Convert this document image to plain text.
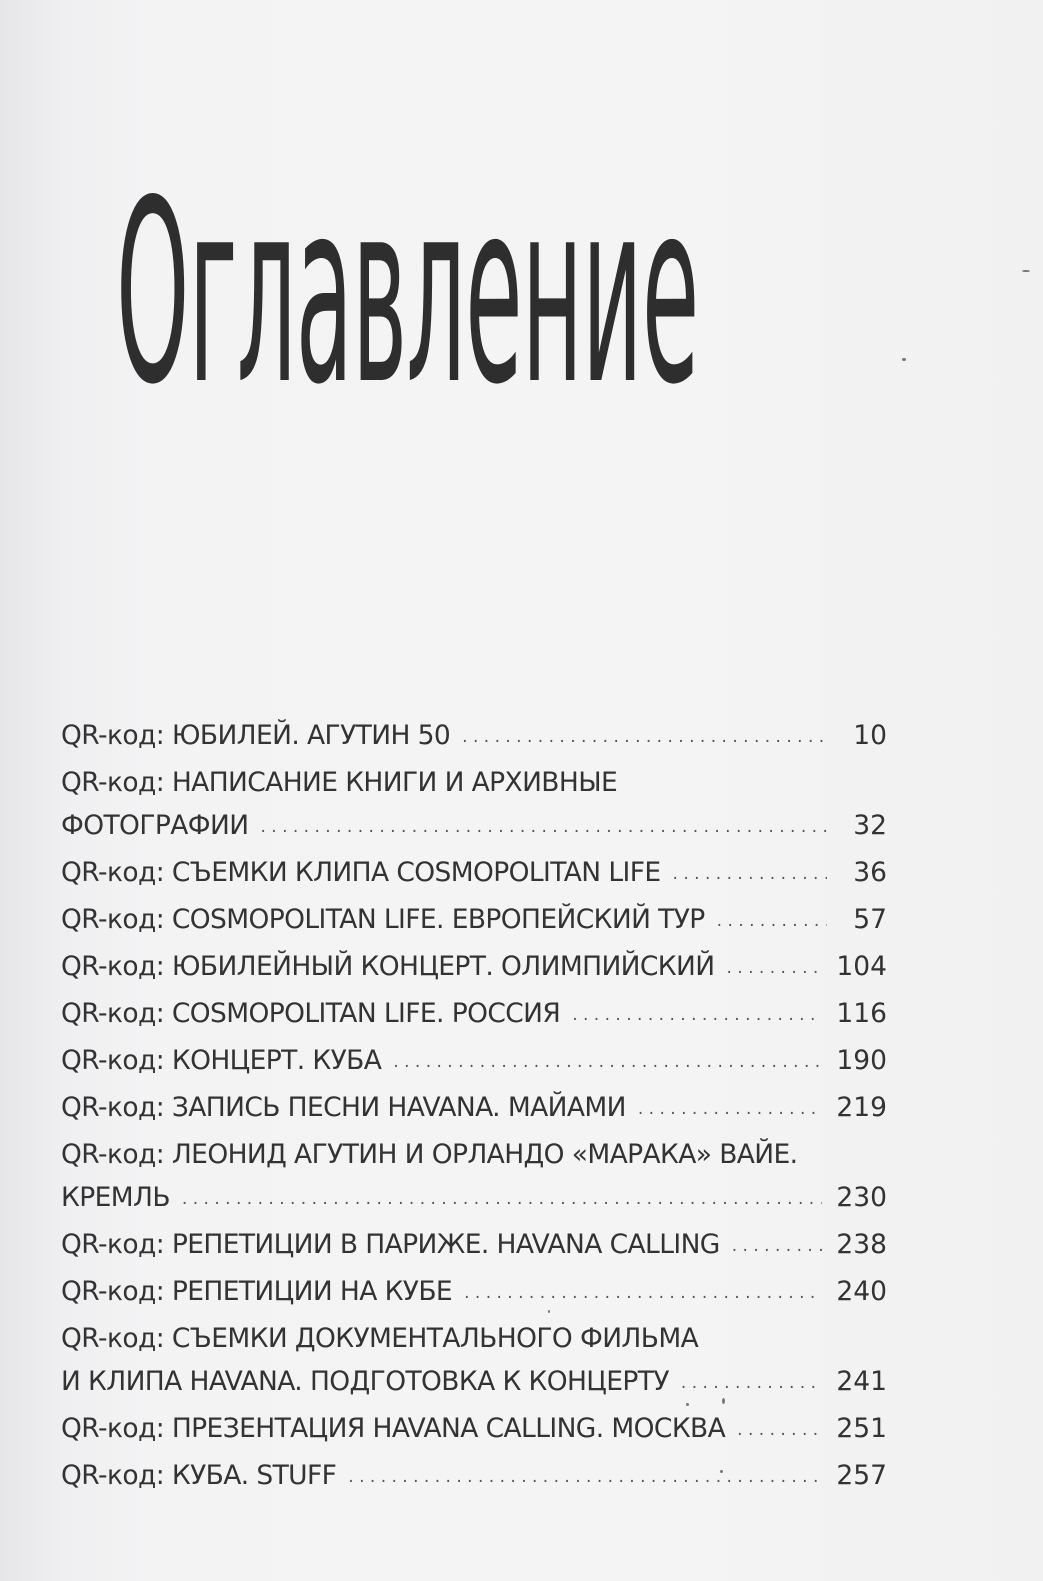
Оглавление
QR-код: ЮБИЛЕЙ. АГУТИН 50 . . .	10
QR-код: НАПИСАНИЕ КНИГИ И АРХИВНЫЕ
ФОТОГРАФИИ . . .	32
QR-код: СЪЕМКИ КЛИПА COSMOPOLITAN LIFE . . .	36
QR-код: COSMOPOLITAN LIFE. ЕВРОПЕЙСКИЙ ТУР . . .	57
QR-код: ЮБИЛЕЙНЫЙ КОНЦЕРТ. ОЛИМПИЙСКИЙ . . .	104
QR-код: COSMOPOLITAN LIFE. РОССИЯ . . .	116
QR-код: КОНЦЕРТ. КУБА . . .	190
QR-код: ЗАПИСЬ ПЕСНИ HAVANA. МАЙАМИ . . .	219
QR-код: ЛЕОНИД АГУТИН И ОРЛАНДО «МАРАКА» ВАЙЕ.
КРЕМЛЬ . . .	230
QR-код: РЕПЕТИЦИИ В ПАРИЖЕ. HAVANA CALLING . . .	238
QR-код: РЕПЕТИЦИИ НА КУБЕ . . .	240
QR-код: СЪЕМКИ ДОКУМЕНТАЛЬНОГО ФИЛЬМА
И КЛИПА HAVANA. ПОДГОТОВКА К КОНЦЕРТУ . . .	241
QR-код: ПРЕЗЕНТАЦИЯ HAVANA CALLING. МОСКВА . . .	251
QR-код: КУБА. STUFF . . .	257
